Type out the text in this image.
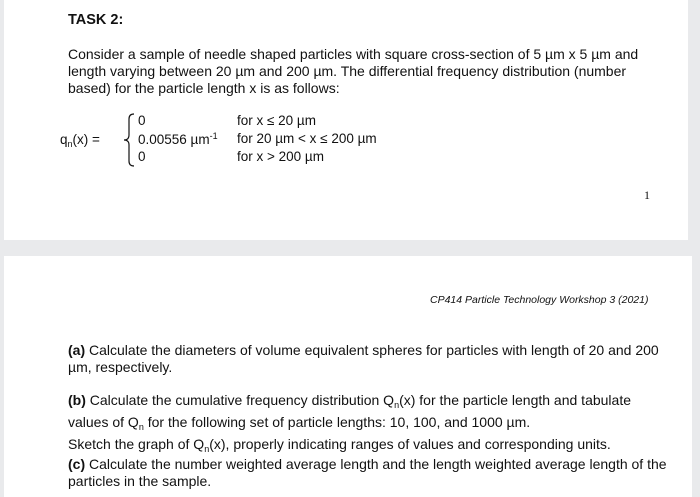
TASK 2:
Consider a sample of needle shaped particles with square cross-section of 5 µm x 5 µm and length varying between 20 µm and 200 µm. The differential frequency distribution (number based) for the particle length x is as follows:
$q_n(x)$ =
0	for x ≤ 20 µm
0.00556 µm$^{-1}$ for 20 µm < x ≤ 200 µm
0	for x > 200 µm
1
CP414 Particle Technology Workshop 3 (2021)
(a) Calculate the diameters of volume equivalent spheres for particles with length of 20 and 200 µm, respectively.
(b) Calculate the cumulative frequency distribution $Q_n(x)$ for the particle length and tabulate values of $Q_n$ for the following set of particle lengths: 10, 100, and 1000 µm.
Sketch the graph of $Q_n(x)$, properly indicating ranges of values and corresponding units.
(c) Calculate the number weighted average length and the length weighted average length of the particles in the sample.
